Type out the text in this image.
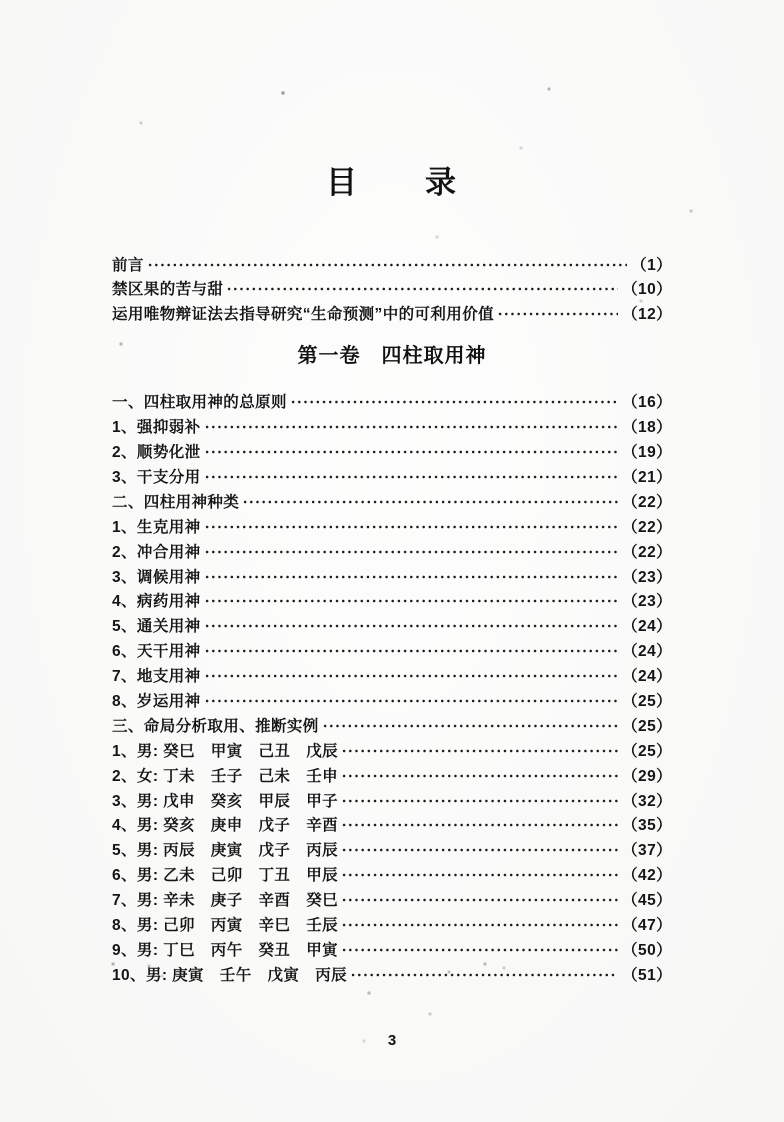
目　　录
前言	（1）
禁区果的苦与甜	（10）
运用唯物辩证法去指导研究“生命预测”中的可利用价值	（12）
第一卷　四柱取用神
一、四柱取用神的总原则	（16）
1、强抑弱补	（18）
2、顺势化泄	（19）
3、干支分用	（21）
二、四柱用神种类	（22）
1、生克用神	（22）
2、冲合用神	（22）
3、调候用神	（23）
4、病药用神	（23）
5、通关用神	（24）
6、天干用神	（24）
7、地支用神	（24）
8、岁运用神	（25）
三、命局分析取用、推断实例	（25）
1、男: 癸巳　甲寅　己丑　戊辰	（25）
2、女: 丁未　壬子　己未　壬申	（29）
3、男: 戊申　癸亥　甲辰　甲子	（32）
4、男: 癸亥　庚申　戊子　辛酉	（35）
5、男: 丙辰　庚寅　戊子　丙辰	（37）
6、男: 乙未　己卯　丁丑　甲辰	（42）
7、男: 辛未　庚子　辛酉　癸巳	（45）
8、男: 己卯　丙寅　辛巳　壬辰	（47）
9、男: 丁巳　丙午　癸丑　甲寅	（50）
10、男: 庚寅　壬午　戊寅　丙辰	（51）
3
